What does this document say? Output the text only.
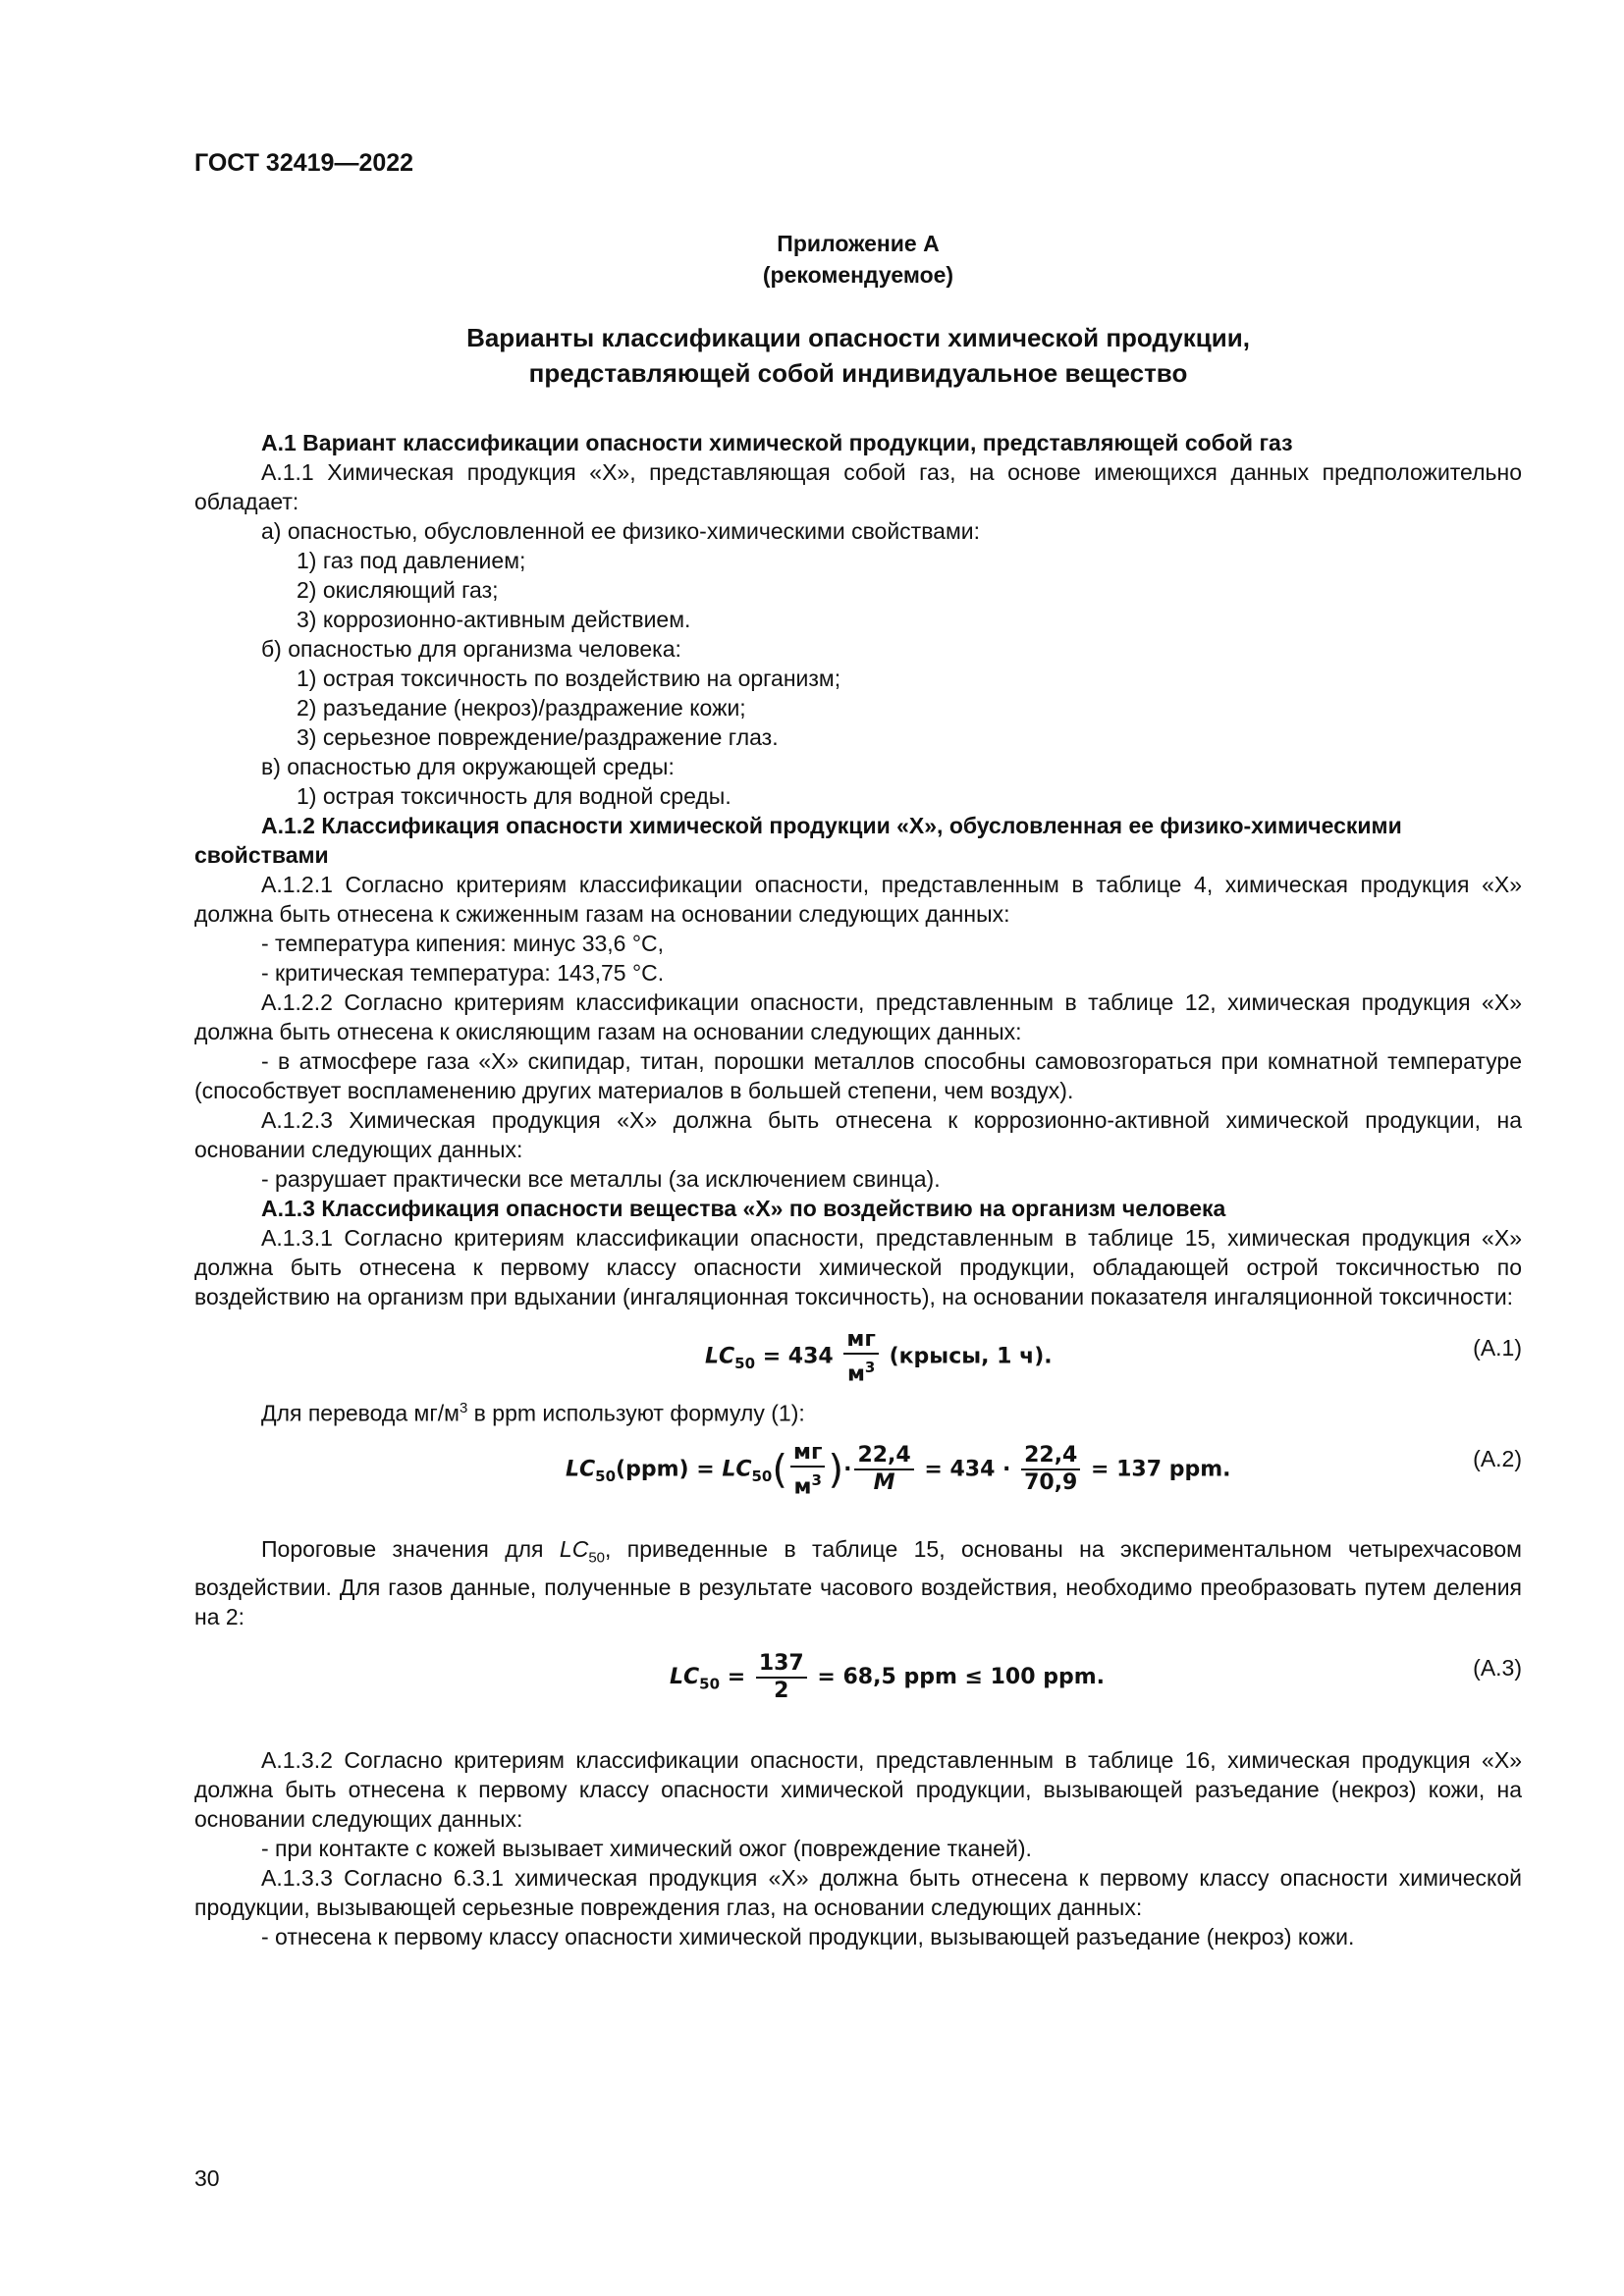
ГОСТ 32419—2022
Приложение А
(рекомендуемое)
Варианты классификации опасности химической продукции,
представляющей собой индивидуальное вещество

А.1 Вариант классификации опасности химической продукции, представляющей собой газ

А.1.1 Химическая продукция «Х», представляющая собой газ, на основе имеющихся данных предположительно обладает:

а) опасностью, обусловленной ее физико-химическими свойствами:
1) газ под давлением;
2) окисляющий газ;
3) коррозионно-активным действием.
б) опасностью для организма человека:
1) острая токсичность по воздействию на организм;
2) разъедание (некроз)/раздражение кожи;
3) серьезное повреждение/раздражение глаз.
в) опасностью для окружающей среды:
1) острая токсичность для водной среды.

А.1.2 Классификация опасности химической продукции «Х», обусловленная ее физико-химическими свойствами

А.1.2.1 Согласно критериям классификации опасности, представленным в таблице 4, химическая продукция «Х» должна быть отнесена к сжиженным газам на основании следующих данных:

- температура кипения: минус 33,6 °С,
- критическая температура: 143,75 °С.

А.1.2.2 Согласно критериям классификации опасности, представленным в таблице 12, химическая продукция «Х» должна быть отнесена к окисляющим газам на основании следующих данных:

- в атмосфере газа «Х» скипидар, титан, порошки металлов способны самовозгораться при комнатной температуре (способствует воспламенению других материалов в большей степени, чем воздух).

А.1.2.3 Химическая продукция «Х» должна быть отнесена к коррозионно-активной химической продукции, на основании следующих данных:

- разрушает практически все металлы (за исключением свинца).

А.1.3 Классификация опасности вещества «Х» по воздействию на организм человека

А.1.3.1 Согласно критериям классификации опасности, представленным в таблице 15, химическая продукция «Х» должна быть отнесена к первому классу опасности химической продукции, обладающей острой токсичностью по воздействию на организм при вдыхании (ингаляционная токсичность), на основании показателя ингаляционной токсичности:

$LC_{50} = 434 \frac{мг}{м^3}$ (крысы, 1 ч).	(А.1)

Для перевода $мг/м^3$ в ppm используют формулу (1):

$LC_{50}(ppm) = LC_{50}( \frac{мг}{м^3}$ )· $\frac{22,4}{M} = 434 \cdot \frac{22,4}{70,9} = 137$ ppm.	(А.2)

Пороговые значения для $LC_{50}$, приведенные в таблице 15, основаны на экспериментальном четырехчасовом воздействии. Для газов данные, полученные в результате часового воздействия, необходимо преобразовать путем деления на 2:

$LC_{50} = \frac{137}{2} = 68,5$ ppm ≤ 100 ppm.	(А.3)

А.1.3.2 Согласно критериям классификации опасности, представленным в таблице 16, химическая продукция «Х» должна быть отнесена к первому классу опасности химической продукции, вызывающей разъедание (некроз) кожи, на основании следующих данных:

- при контакте с кожей вызывает химический ожог (повреждение тканей).

А.1.3.3 Согласно 6.3.1 химическая продукция «Х» должна быть отнесена к первому классу опасности химической продукции, вызывающей серьезные повреждения глаз, на основании следующих данных:

- отнесена к первому классу опасности химической продукции, вызывающей разъедание (некроз) кожи.
30
